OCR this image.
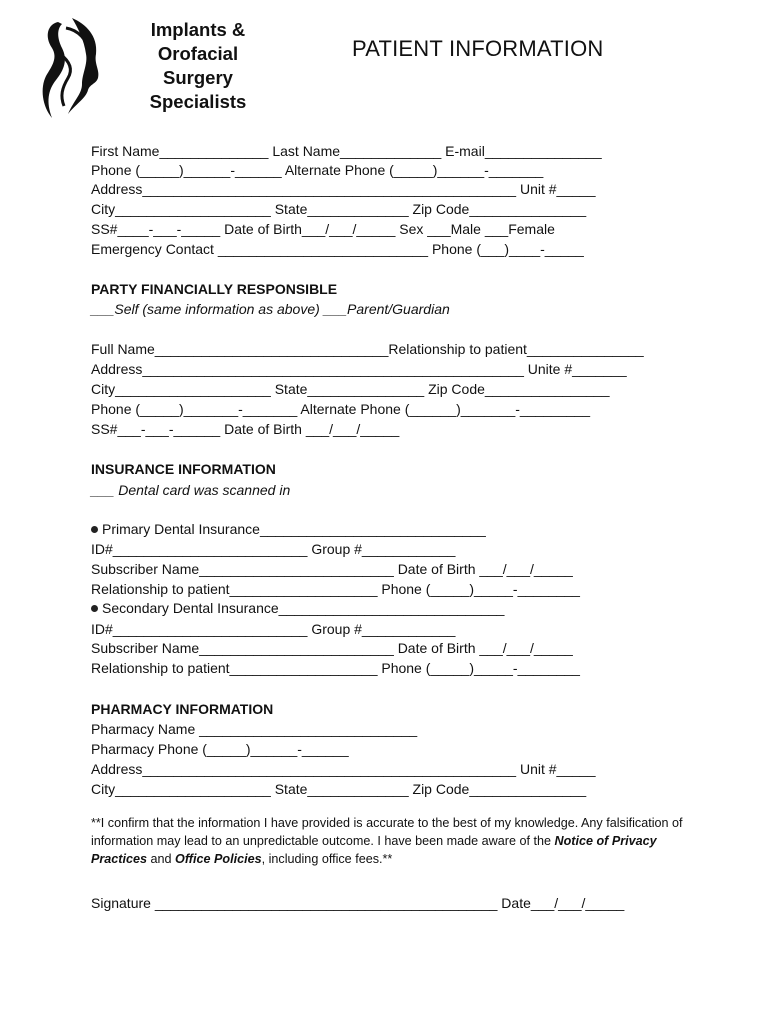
Implants &
Orofacial
Surgery
Specialists
PATIENT INFORMATION
First Name______________ Last Name_____________ E-mail_______________
Phone (_____)______-______ Alternate Phone (_____)______-_______
Address________________________________________________ Unit #_____
City____________________ State_____________ Zip Code_______________
SS#____-___-_____ Date of Birth___/___/_____ Sex ___Male ___Female
Emergency Contact ___________________________ Phone (___)____-_____
PARTY FINANCIALLY RESPONSIBLE
___Self (same information as above) ___Parent/Guardian
Full Name______________________________Relationship to patient_______________
Address_________________________________________________ Unite #_______
City____________________ State_______________ Zip Code________________
Phone (_____)_______-_______ Alternate Phone (______)_______-_________
SS#___-___-______ Date of Birth ___/___/_____
INSURANCE INFORMATION
___ Dental card was scanned in
Primary Dental Insurance_____________________________
ID#_________________________ Group #____________
Subscriber Name_________________________ Date of Birth ___/___/_____
Relationship to patient___________________ Phone (_____)_____-________
Secondary Dental Insurance_____________________________
ID#_________________________ Group #____________
Subscriber Name_________________________ Date of Birth ___/___/_____
Relationship to patient___________________ Phone (_____)_____-________
PHARMACY INFORMATION
Pharmacy Name ____________________________
Pharmacy Phone (_____)______-______
Address________________________________________________ Unit #_____
City____________________ State_____________ Zip Code_______________
**I confirm that the information I have provided is accurate to the best of my knowledge. Any falsification of information may lead to an unpredictable outcome. I have been made aware of the Notice of Privacy Practices and Office Policies, including office fees.**
Signature ____________________________________________ Date___/___/_____
